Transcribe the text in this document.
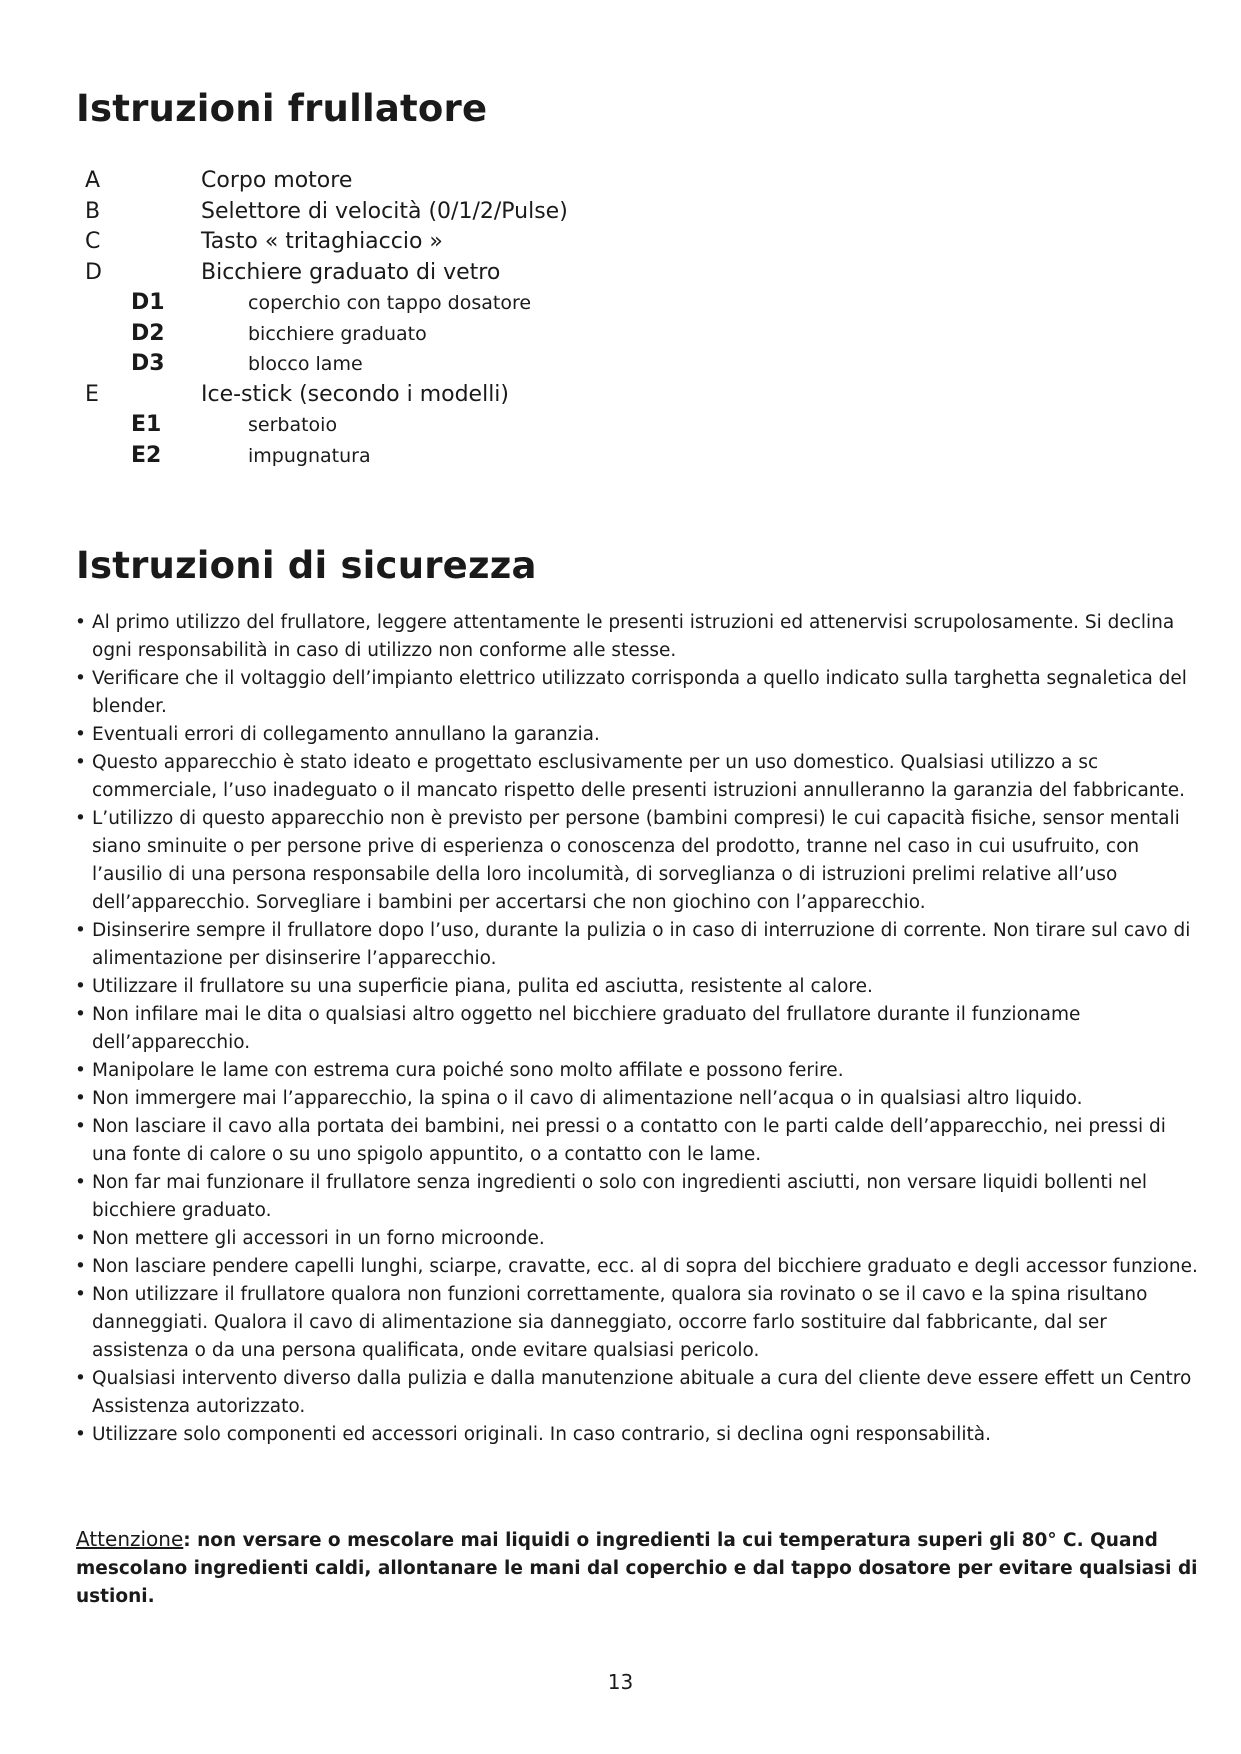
Istruzioni frullatore
A	Corpo motore
B	Selettore di velocità (0/1/2/Pulse)
C	Tasto « tritaghiaccio »
D	Bicchiere graduato di vetro
D1	coperchio con tappo dosatore
D2	bicchiere graduato
D3	blocco lame
E	Ice-stick (secondo i modelli)
E1	serbatoio
E2	impugnatura
Istruzioni di sicurezza
• Al primo utilizzo del frullatore, leggere attentamente le presenti istruzioni ed attenervisi scrupolosamente. Si declina ogni responsabilità in caso di utilizzo non conforme alle stesse.
• Verificare che il voltaggio dell’impianto elettrico utilizzato corrisponda a quello indicato sulla targhetta segnaletica del blender.
• Eventuali errori di collegamento annullano la garanzia.
• Questo apparecchio è stato ideato e progettato esclusivamente per un uso domestico. Qualsiasi utilizzo a sc commerciale, l’uso inadeguato o il mancato rispetto delle presenti istruzioni annulleranno la garanzia del fabbricante.
• L’utilizzo di questo apparecchio non è previsto per persone (bambini compresi) le cui capacità fisiche, sensor mentali siano sminuite o per persone prive di esperienza o conoscenza del prodotto, tranne nel caso in cui usufruito, con l’ausilio di una persona responsabile della loro incolumità, di sorveglianza o di istruzioni prelimi relative all’uso dell’apparecchio. Sorvegliare i bambini per accertarsi che non giochino con l’apparecchio.
• Disinserire sempre il frullatore dopo l’uso, durante la pulizia o in caso di interruzione di corrente. Non tirare sul cavo di alimentazione per disinserire l’apparecchio.
• Utilizzare il frullatore su una superficie piana, pulita ed asciutta, resistente al calore.
• Non infilare mai le dita o qualsiasi altro oggetto nel bicchiere graduato del frullatore durante il funzioname dell’apparecchio.
• Manipolare le lame con estrema cura poiché sono molto affilate e possono ferire.
• Non immergere mai l’apparecchio, la spina o il cavo di alimentazione nell’acqua o in qualsiasi altro liquido.
• Non lasciare il cavo alla portata dei bambini, nei pressi o a contatto con le parti calde dell’apparecchio, nei pressi di una fonte di calore o su uno spigolo appuntito, o a contatto con le lame.
• Non far mai funzionare il frullatore senza ingredienti o solo con ingredienti asciutti, non versare liquidi bollenti nel bicchiere graduato.
• Non mettere gli accessori in un forno microonde.
• Non lasciare pendere capelli lunghi, sciarpe, cravatte, ecc. al di sopra del bicchiere graduato e degli accessor funzione.
• Non utilizzare il frullatore qualora non funzioni correttamente, qualora sia rovinato o se il cavo e la spina risultano danneggiati. Qualora il cavo di alimentazione sia danneggiato, occorre farlo sostituire dal fabbricante, dal ser assistenza o da una persona qualificata, onde evitare qualsiasi pericolo.
• Qualsiasi intervento diverso dalla pulizia e dalla manutenzione abituale a cura del cliente deve essere effett un Centro Assistenza autorizzato.
• Utilizzare solo componenti ed accessori originali. In caso contrario, si declina ogni responsabilità.

Attenzione: non versare o mescolare mai liquidi o ingredienti la cui temperatura superi gli 80° C. Quand mescolano ingredienti caldi, allontanare le mani dal coperchio e dal tappo dosatore per evitare qualsiasi di ustioni.

13
